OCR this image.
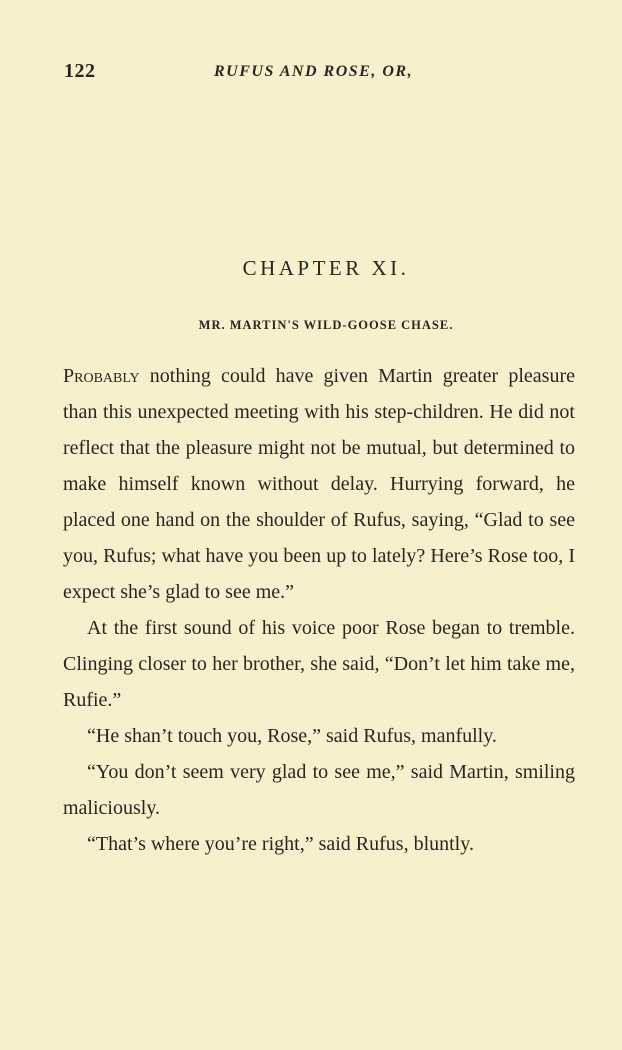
122	RUFUS AND ROSE, OR,
CHAPTER XI.
MR. MARTIN'S WILD-GOOSE CHASE.

Probably nothing could have given Martin greater pleasure than this unexpected meeting with his step-children. He did not reflect that the pleasure might not be mutual, but determined to make himself known without delay. Hurrying forward, he placed one hand on the shoulder of Rufus, saying, “Glad to see you, Rufus; what have you been up to lately? Here’s Rose too, I expect she’s glad to see me.”

At the first sound of his voice poor Rose began to tremble. Clinging closer to her brother, she said, “Don’t let him take me, Rufie.”

“He shan’t touch you, Rose,” said Rufus, manfully.

“You don’t seem very glad to see me,” said Martin, smiling maliciously.

“That’s where you’re right,” said Rufus, bluntly.
